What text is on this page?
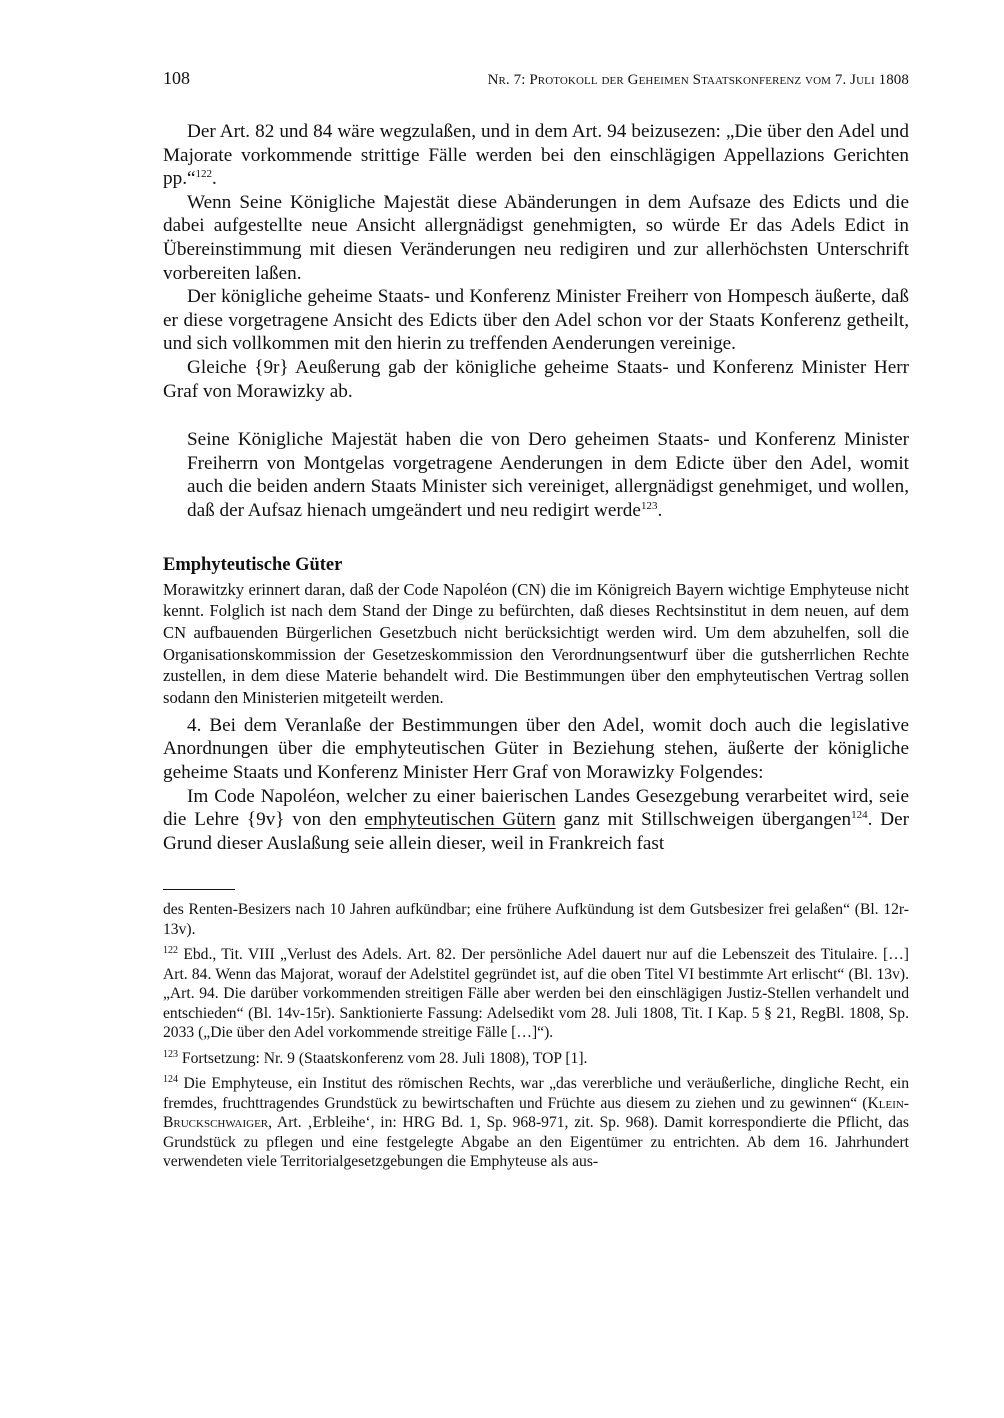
108	Nr. 7: Protokoll der Geheimen Staatskonferenz vom 7. Juli 1808

Der Art. 82 und 84 wäre wegzulaßen, und in dem Art. 94 beizusezen: „Die über den Adel und Majorate vorkommende strittige Fälle werden bei den einschlägigen Appellazions Gerichten pp.“$^{122}$.

Wenn Seine Königliche Majestät diese Abänderungen in dem Aufsaze des Edicts und die dabei aufgestellte neue Ansicht allergnädigst genehmigten, so würde Er das Adels Edict in Übereinstimmung mit diesen Veränderungen neu redigiren und zur allerhöchsten Unterschrift vorbereiten laßen.

Der königliche geheime Staats- und Konferenz Minister Freiherr von Hompesch äußerte, daß er diese vorgetragene Ansicht des Edicts über den Adel schon vor der Staats Konferenz getheilt, und sich vollkommen mit den hierin zu treffenden Aenderungen vereinige.

Gleiche {9r} Aeußerung gab der königliche geheime Staats- und Konferenz Minister Herr Graf von Morawizky ab.

Seine Königliche Majestät haben die von Dero geheimen Staats- und Konferenz Minister Freiherrn von Montgelas vorgetragene Aenderungen in dem Edicte über den Adel, womit auch die beiden andern Staats Minister sich vereiniget, allergnädigst genehmiget, und wollen, daß der Aufsaz hienach umgeändert und neu redigirt werde$^{123}$.

Emphyteutische Güter

Morawitzky erinnert daran, daß der Code Napoléon (CN) die im Königreich Bayern wichtige Emphyteuse nicht kennt. Folglich ist nach dem Stand der Dinge zu befürchten, daß dieses Rechtsinstitut in dem neuen, auf dem CN aufbauenden Bürgerlichen Gesetzbuch nicht berücksichtigt werden wird. Um dem abzuhelfen, soll die Organisationskommission der Gesetzeskommission den Verordnungsentwurf über die gutsherrlichen Rechte zustellen, in dem diese Materie behandelt wird. Die Bestimmungen über den emphyteutischen Vertrag sollen sodann den Ministerien mitgeteilt werden.

4. Bei dem Veranlaße der Bestimmungen über den Adel, womit doch auch die legislative Anordnungen über die emphyteutischen Güter in Beziehung stehen, äußerte der königliche geheime Staats und Konferenz Minister Herr Graf von Morawizky Folgendes:

Im Code Napoléon, welcher zu einer baierischen Landes Gesezgebung verarbeitet wird, seie die Lehre {9v} von den emphyteutischen Gütern ganz mit Stillschweigen übergangen$^{124}$. Der Grund dieser Auslaßung seie allein dieser, weil in Frankreich fast

des Renten-Besizers nach 10 Jahren aufkündbar; eine frühere Aufkündung ist dem Gutsbesizer frei gelaßen“ (Bl. 12r-13v).

$^{122}$ Ebd., Tit. VIII „Verlust des Adels. Art. 82. Der persönliche Adel dauert nur auf die Lebenszeit des Titulaire. […] Art. 84. Wenn das Majorat, worauf der Adelstitel gegründet ist, auf die oben Titel VI bestimmte Art erlischt“ (Bl. 13v). „Art. 94. Die darüber vorkommenden streitigen Fälle aber werden bei den einschlägigen Justiz-Stellen verhandelt und entschieden“ (Bl. 14v-15r). Sanktionierte Fassung: Adelsedikt vom 28. Juli 1808, Tit. I Kap. 5 § 21, RegBl. 1808, Sp. 2033 („Die über den Adel vorkommende streitige Fälle […]“).

$^{123}$ Fortsetzung: Nr. 9 (Staatskonferenz vom 28. Juli 1808), TOP [1].

$^{124}$ Die Emphyteuse, ein Institut des römischen Rechts, war „das vererbliche und veräußerliche, dingliche Recht, ein fremdes, fruchttragendes Grundstück zu bewirtschaften und Früchte aus diesem zu ziehen und zu gewinnen“ (Klein-Bruckschwaiger, Art. ‚Erbleihe‘, in: HRG Bd. 1, Sp. 968-971, zit. Sp. 968). Damit korrespondierte die Pflicht, das Grundstück zu pflegen und eine festgelegte Abgabe an den Eigentümer zu entrichten. Ab dem 16. Jahrhundert verwendeten viele Territorialgesetzgebungen die Emphyteuse als aus-
